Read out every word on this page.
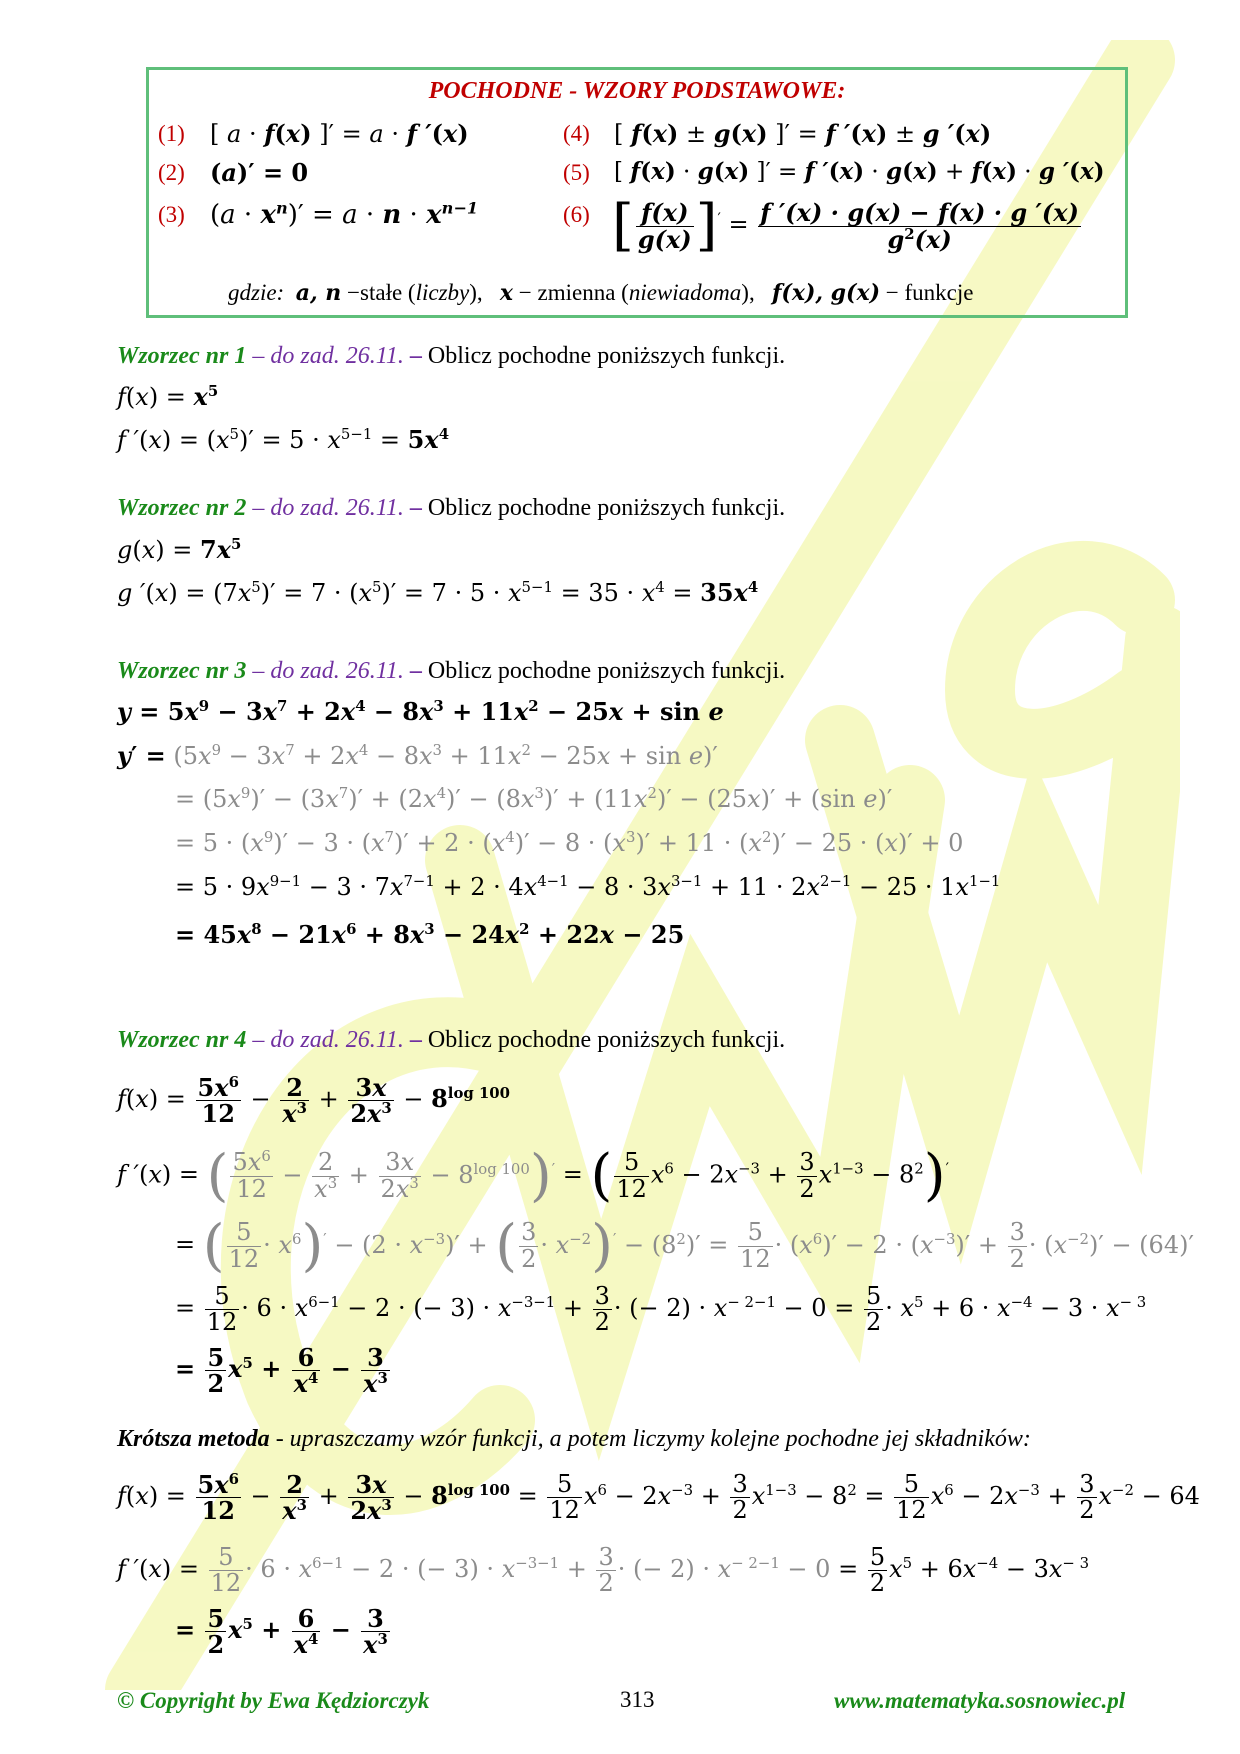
POCHODNE - WZORY PODSTAWOWE:
(1) [ a · f(x) ]′ = a · f ′(x)
(2) (a)′ = 0
(3) $(a \cdot x^n)' = a \cdot n \cdot x^{n-1}$
(4) [ f(x) ± g(x) ]′ = f ′(x) ± g ′(x)
(5) [ f(x) · g(x) ]′ = f ′(x) · g(x) + f(x) · g ′(x)
(6) [ $\frac{f(x)}{g(x)} ]' = \frac{f '(x) \cdot g(x) - f(x) \cdot g '(x)}{g^2(x)}$
gdzie: a, n −stałe (liczby), x − zmienna (niewiadoma), f(x), g(x) − funkcje
Wzorzec nr 1 – do zad. 26.11. – Oblicz pochodne poniższych funkcji.
$f(x) = x^5$
f $'(x) = (x^5)' = 5 \cdot x^{5-1} = 5x^4$
Wzorzec nr 2 – do zad. 26.11. – Oblicz pochodne poniższych funkcji.
$g(x) = 7x^5$
g $'(x) = (7x^5)' = 7 \cdot (x^5)' = 7 \cdot 5 \cdot x^{5-1} = 35 \cdot x^4 = 35x^4$
Wzorzec nr 3 – do zad. 26.11. – Oblicz pochodne poniższych funkcji.
$y = 5x^9 - 3x^7 + 2x^4 - 8x^3 + 11x^2 - 25x + \sin e$
$y' = (5x^9 - 3x^7 + 2x^4 - 8x^3 + 11x^2 - 25x + \sin e)'$
= $(5x^9)' - (3x^7)' + (2x^4)' - (8x^3)' + (11x^2)' - (25x)' + (\sin$ e)′
= $5 \cdot (x^9)' - 3 \cdot (x^7)' + 2 \cdot (x^4)' - 8 \cdot (x^3)' + 11 \cdot (x^2)' - 25 \cdot (x)' + 0$
= $5 \cdot 9x^{9-1} - 3 \cdot 7x^{7-1} + 2 \cdot 4x^{4-1} - 8 \cdot 3x^{3-1} + 11 \cdot 2x^{2-1} - 25 \cdot 1x^{1-1}$
= $45x^8 - 21x^6 + 8x^3 - 24x^2 + 22x - 25$
Wzorzec nr 4 – do zad. 26.11. – Oblicz pochodne poniższych funkcji.
$f(x) = \frac{5x^6}{12} - \frac{2}{x^3} + \frac{3x}{2x^3} - 8^{log 100}$
f ′(x) = ( $\frac{5x^6}{12} - \frac{2}{x^3} + \frac{3x}{2x^3} - 8^{log 100})'$ = ( $\frac{5}{12} x^6 - 2x^{-3} + \frac{3}{2} x^{1-3} - 8^2)'$
= ( $\frac{5}{12} \cdot x^6)' - (2 \cdot x^{-3})'$ + ( $\frac{3}{2} \cdot x^{-2})' - (8^2)' = \frac{5}{12} \cdot (x^6)' - 2 \cdot (x^{-3})' + \frac{3}{2} \cdot (x^{-2})' - (64)'$
= $\frac{5}{12} \cdot 6 \cdot x^{6-1} - 2$ · (− $3) \cdot x^{-3-1} + \frac{3}{2}$ · (− $2) \cdot x^{- 2-1} - 0 = \frac{5}{2} \cdot x^5 + 6 \cdot x^{-4} - 3 \cdot x^{- 3}$
= $\frac{5}{2} x^5 + \frac{6}{x^4} - \frac{3}{x^3}$
Krótsza metoda - upraszczamy wzór funkcji, a potem liczymy kolejne pochodne jej składników:
$f(x) = \frac{5x^6}{12} - \frac{2}{x^3} + \frac{3x}{2x^3} - 8^{log 100} = \frac{5}{12} x^6 - 2x^{-3} + \frac{3}{2} x^{1-3} - 8^2 = \frac{5}{12} x^6 - 2x^{-3} + \frac{3}{2} x^{-2} - 64$
f $'(x) = \frac{5}{12} \cdot 6 \cdot x^{6-1} - 2$ · (− $3) \cdot x^{-3-1} + \frac{3}{2}$ · (− $2) \cdot x^{- 2-1} - 0 = \frac{5}{2} x^5 + 6x^{-4} - 3x^{- 3}$
= $\frac{5}{2} x^5 + \frac{6}{x^4} - \frac{3}{x^3}$
© Copyright by Ewa Kędziorczyk	313	www.matematyka.sosnowiec.pl
